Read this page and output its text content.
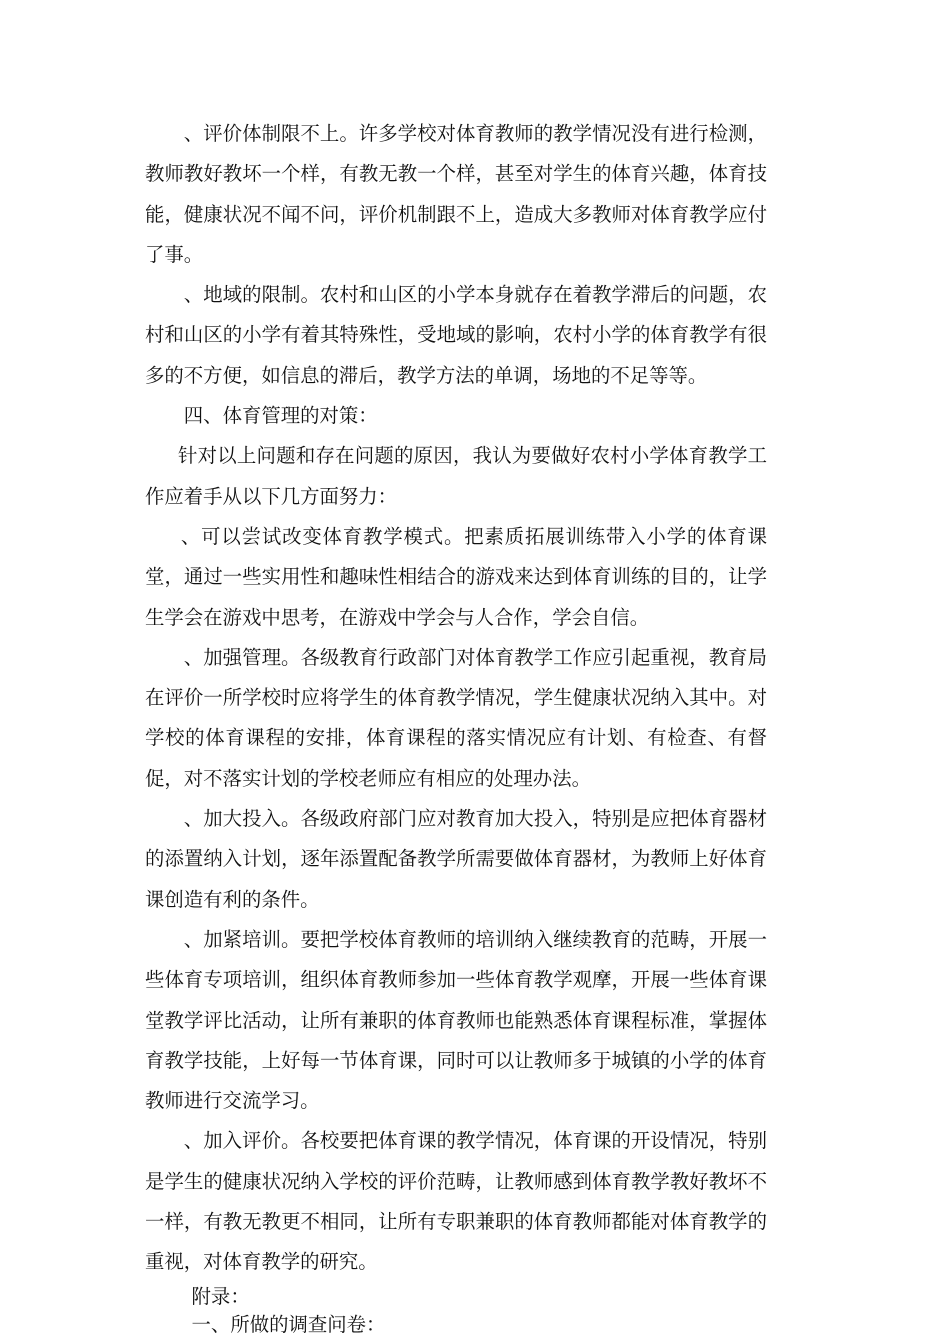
、评价体制限不上。许多学校对体育教师的教学情况没有进行检测，教师教好教坏一个样，有教无教一个样，甚至对学生的体育兴趣，体育技能，健康状况不闻不问，评价机制跟不上，造成大多教师对体育教学应付了事。

、地域的限制。农村和山区的小学本身就存在着教学滞后的问题，农村和山区的小学有着其特殊性，受地域的影响，农村小学的体育教学有很多的不方便，如信息的滞后，教学方法的单调，场地的不足等等。

四、体育管理的对策：

针对以上问题和存在问题的原因，我认为要做好农村小学体育教学工作应着手从以下几方面努力：

、可以尝试改变体育教学模式。把素质拓展训练带入小学的体育课堂，通过一些实用性和趣味性相结合的游戏来达到体育训练的目的，让学生学会在游戏中思考，在游戏中学会与人合作，学会自信。

、加强管理。各级教育行政部门对体育教学工作应引起重视，教育局在评价一所学校时应将学生的体育教学情况，学生健康状况纳入其中。对学校的体育课程的安排，体育课程的落实情况应有计划、有检查、有督促，对不落实计划的学校老师应有相应的处理办法。

、加大投入。各级政府部门应对教育加大投入，特别是应把体育器材的添置纳入计划，逐年添置配备教学所需要做体育器材，为教师上好体育课创造有利的条件。

、加紧培训。要把学校体育教师的培训纳入继续教育的范畴，开展一些体育专项培训，组织体育教师参加一些体育教学观摩，开展一些体育课堂教学评比活动，让所有兼职的体育教师也能熟悉体育课程标准，掌握体育教学技能，上好每一节体育课，同时可以让教师多于城镇的小学的体育教师进行交流学习。

、加入评价。各校要把体育课的教学情况，体育课的开设情况，特别是学生的健康状况纳入学校的评价范畴，让教师感到体育教学教好教坏不一样，有教无教更不相同，让所有专职兼职的体育教师都能对体育教学的重视，对体育教学的研究。

附录：

一、所做的调查问卷：
